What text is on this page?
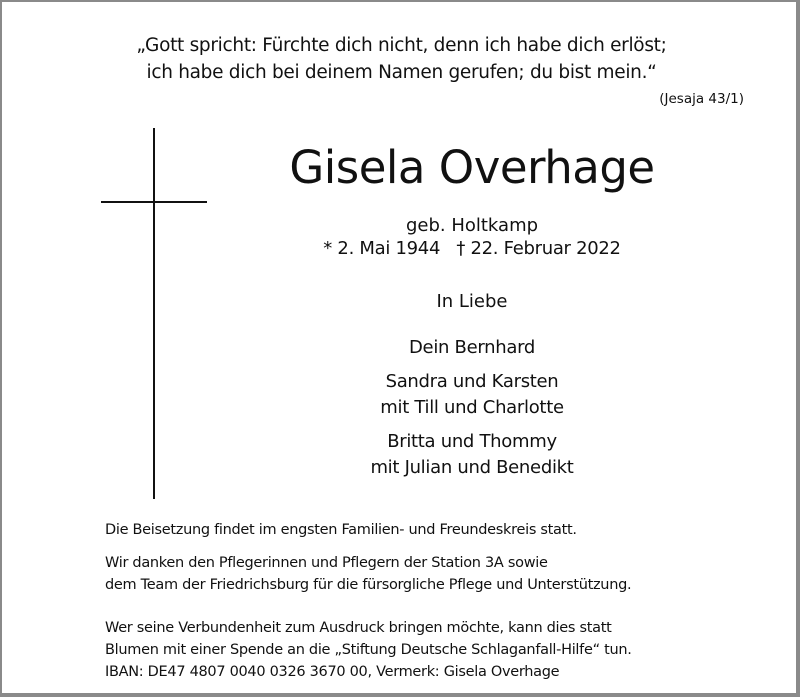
„Gott spricht: Fürchte dich nicht, denn ich habe dich erlöst;
ich habe dich bei deinem Namen gerufen; du bist mein.“
(Jesaja 43/1)
Gisela Overhage
geb. Holtkamp
* 2. Mai 1944   † 22. Februar 2022
In Liebe
Dein Bernhard
Sandra und Karsten
mit Till und Charlotte
Britta und Thommy
mit Julian und Benedikt
Die Beisetzung findet im engsten Familien- und Freundeskreis statt.
Wir danken den Pflegerinnen und Pflegern der Station 3A sowie
dem Team der Friedrichsburg für die fürsorgliche Pflege und Unterstützung.
Wer seine Verbundenheit zum Ausdruck bringen möchte, kann dies statt
Blumen mit einer Spende an die „Stiftung Deutsche Schlaganfall-Hilfe“ tun.
IBAN: DE47 4807 0040 0326 3670 00, Vermerk: Gisela Overhage
